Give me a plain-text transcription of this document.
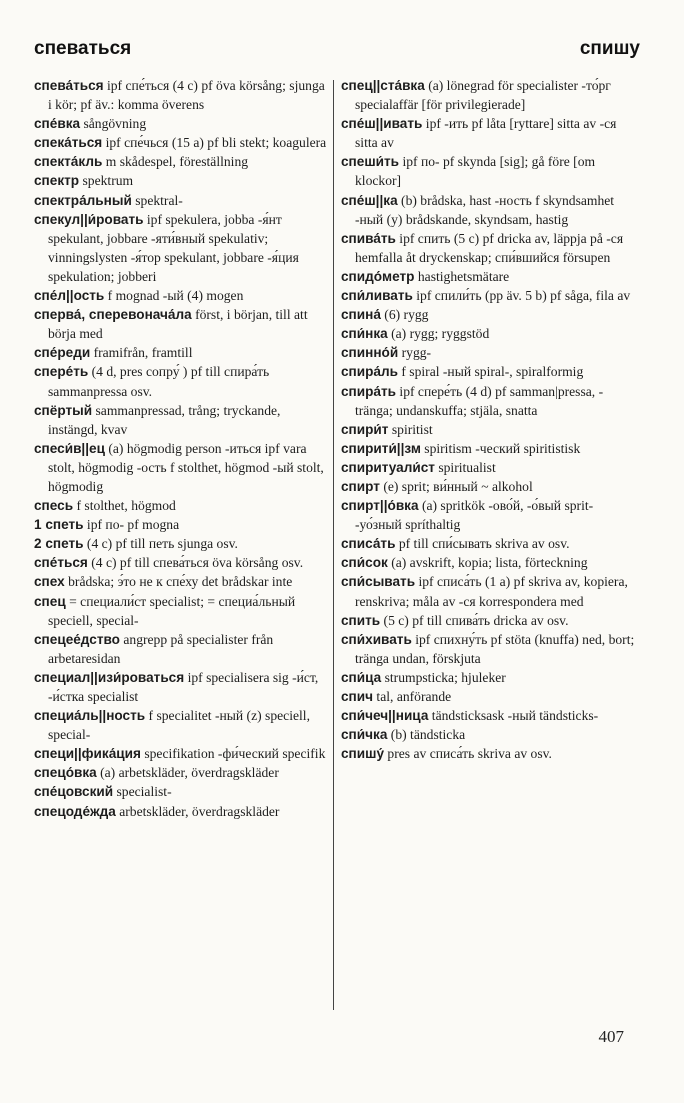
спеваться	спишу

спева́ться ipf спе́ться (4 c) pf öva körsång; sjunga i kör; pf äv.: komma överens

спе́вка sångövning

спека́ться ipf спе́чься (15 a) pf bli stekt; koagulera

спекта́кль m skådespel, föreställning

спектр spektrum

спектра́льный spektral-

спекул||и́ровать ipf spekulera, jobba -я́нт spekulant, jobbare -яти́вный spekulativ; vinningslysten -я́тор spekulant, jobbare -я́ция spekulation; jobberi

спе́л||ость f mognad -ый (4) mogen

сперва́, сперевонача́ла först, i början, till att börja med

спе́реди framifrån, framtill

спере́ть (4 d, pres сопру́ ) pf till спира́ть sammanpressa osv.

спёртый sammanpressad, trång; tryckande, instängd, kvav

спеси́в||ец (a) högmodig person -иться ipf vara stolt, högmodig -ость f stolthet, högmod -ый stolt, högmodig

спесь f stolthet, högmod

1 спеть ipf по- pf mogna

2 спеть (4 c) pf till петь sjunga osv.

спе́ться (4 c) pf till спева́ться öva körsång osv.

спех brådska; э́то не к спе́ху det brådskar inte

спец = специали́ст specialist; = специа́льный speciell, special-

спецее́дство angrepp på specialister från arbetaresidan

специал||изи́роваться ipf specialisera sig -и́ст, -и́стка specialist

специа́ль||ность f specialitet -ный (z) speciell, special-

специ||фика́ция specifikation -фи́ческий specifik

спецо́вка (a) arbetskläder, överdragskläder

спе́цовский specialist-

спецоде́жда arbetskläder, överdragskläder

спец||ста́вка (a) lönegrad för specialister -то́рг specialaffär [för privilegierade]

спе́ш||ивать ipf -ить pf låta [ryttare] sitta av -ся sitta av

спеши́ть ipf по- pf skynda [sig]; gå före [om klockor]

спе́ш||ка (b) brådska, hast -ность f skyndsamhet -ный (y) brådskande, skyndsam, hastig

спива́ть ipf спить (5 c) pf dricka av, läppja på -ся hemfalla åt dryckenskap; спи́вшийся försupen

спидо́метр hastighetsmätare

спи́ливать ipf спили́ть (pp äv. 5 b) pf såga, fila av

спина́ (6) rygg

спи́нка (a) rygg; ryggstöd

спинно́й rygg-

спира́ль f spiral -ный spiral-, spiralformig

спира́ть ipf спере́ть (4 d) pf samman|pressa, -tränga; undanskuffa; stjäla, snatta

спири́т spiritist

спирити́||зм spiritism -ческий spiritistisk

спиритуали́ст spiritualist

спирт (e) sprit; ви́нный ~ alkohol

спирт||о́вка (a) spritkök -ово́й, -о́вый sprit- -уо́зный spríthaltig

списа́ть pf till спи́сывать skriva av osv.

спи́сок (a) avskrift, kopia; lista, förteckning

спи́сывать ipf списа́ть (1 a) pf skriva av, kopiera, renskriva; måla av -ся korrespondera med

спить (5 c) pf till спива́ть dricka av osv.

спи́хивать ipf спихну́ть pf stöta (knuffa) ned, bort; tränga undan, förskjuta

спи́ца strumpsticka; hjuleker

спич tal, anförande

спи́чеч||ница tändsticksask -ный tändsticks-

спи́чка (b) tändsticka

спишу́ pres av списа́ть skriva av osv.

407
